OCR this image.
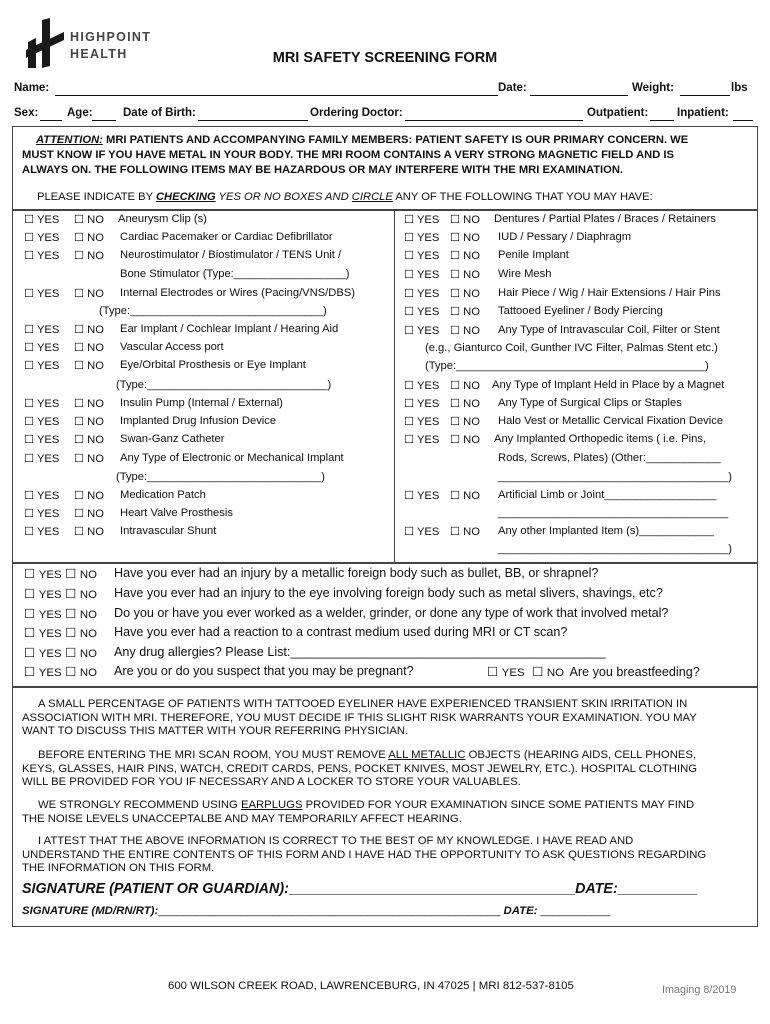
HIGHPOINT
HEALTH	MRI SAFETY SCREENING FORM
Name:	Date:	Weight:	lbs
Sex: Age:	Date of Birth:	Ordering Doctor:	Outpatient: Inpatient:
ATTENTION: MRI PATIENTS AND ACCOMPANYING FAMILY MEMBERS: PATIENT SAFETY IS OUR PRIMARY CONCERN. WE
MUST KNOW IF YOU HAVE METAL IN YOUR BODY. THE MRI ROOM CONTAINS A VERY STRONG MAGNETIC FIELD AND IS
ALWAYS ON. THE FOLLOWING ITEMS MAY BE HAZARDOUS OR MAY INTERFERE WITH THE MRI EXAMINATION.
PLEASE INDICATE BY CHECKING YES OR NO BOXES AND CIRCLE ANY OF THE FOLLOWING THAT YOU MAY HAVE:
☐ YES ☐ NO Aneurysm Clip (s)
☐ YES ☐ NO Cardiac Pacemaker or Cardiac Defibrillator
☐ YES ☐ NO Neurostimulator / Biostimulator / TENS Unit /
Bone Stimulator (Type:__________________)
☐ YES ☐ NO Internal Electrodes or Wires (Pacing/VNS/DBS)
(Type:_______________________________)
☐ YES ☐ NO Ear Implant / Cochlear Implant / Hearing Aid
☐ YES ☐ NO Vascular Access port
☐ YES ☐ NO Eye/Orbital Prosthesis or Eye Implant
(Type:_____________________________)
☐ YES ☐ NO Insulin Pump (Internal / External)
☐ YES ☐ NO Implanted Drug Infusion Device
☐ YES ☐ NO Swan-Ganz Catheter
☐ YES ☐ NO Any Type of Electronic or Mechanical Implant
(Type:____________________________)
☐ YES ☐ NO Medication Patch
☐ YES ☐ NO Heart Valve Prosthesis
☐ YES ☐ NO Intravascular Shunt
☐ YES ☐ NO Dentures / Partial Plates / Braces / Retainers
☐ YES ☐ NO IUD / Pessary / Diaphragm
☐ YES ☐ NO Penile Implant
☐ YES ☐ NO Wire Mesh
☐ YES ☐ NO Hair Piece / Wig / Hair Extensions / Hair Pins
☐ YES ☐ NO Tattooed Eyeliner / Body Piercing
☐ YES ☐ NO Any Type of Intravascular Coil, Filter or Stent
(e.g., Gianturco Coil, Gunther IVC Filter, Palmas Stent etc.)
(Type:________________________________________)
☐ YES ☐ NO Any Type of Implant Held in Place by a Magnet
☐ YES ☐ NO Any Type of Surgical Clips or Staples
☐ YES ☐ NO Halo Vest or Metallic Cervical Fixation Device
☐ YES ☐ NO Any Implanted Orthopedic items ( i.e. Pins,
Rods, Screws, Plates) (Other:____________
_____________________________________)
☐ YES ☐ NO Artificial Limb or Joint__________________
_____________________________________
☐ YES ☐ NO Any other Implanted Item (s)____________
_____________________________________)
☐ YES ☐ NO Have you ever had an injury by a metallic foreign body such as bullet, BB, or shrapnel?
☐ YES ☐ NO Have you ever had an injury to the eye involving foreign body such as metal slivers, shavings, etc?
☐ YES ☐ NO Do you or have you ever worked as a welder, grinder, or done any type of work that involved metal?
☐ YES ☐ NO Have you ever had a reaction to a contrast medium used during MRI or CT scan?
☐ YES ☐ NO Any drug allergies? Please List:_____________________________________________
☐ YES ☐ NO Are you or do you suspect that you may be pregnant?	☐ YES ☐ NO Are you breastfeeding?
A SMALL PERCENTAGE OF PATIENTS WITH TATTOOED EYELINER HAVE EXPERIENCED TRANSIENT SKIN IRRITATION IN
ASSOCIATION WITH MRI. THEREFORE, YOU MUST DECIDE IF THIS SLIGHT RISK WARRANTS YOUR EXAMINATION. YOU MAY
WANT TO DISCUSS THIS MATTER WITH YOUR REFERRING PHYSICIAN.
BEFORE ENTERING THE MRI SCAN ROOM, YOU MUST REMOVE ALL METALLIC OBJECTS (HEARING AIDS, CELL PHONES,
KEYS, GLASSES, HAIR PINS, WATCH, CREDIT CARDS, PENS, POCKET KNIVES, MOST JEWELRY, ETC.). HOSPITAL CLOTHING
WILL BE PROVIDED FOR YOU IF NECESSARY AND A LOCKER TO STORE YOUR VALUABLES.
WE STRONGLY RECOMMEND USING EARPLUGS PROVIDED FOR YOUR EXAMINATION SINCE SOME PATIENTS MAY FIND
THE NOISE LEVELS UNACCEPTALBE AND MAY TEMPORARILY AFFECT HEARING.
I ATTEST THAT THE ABOVE INFORMATION IS CORRECT TO THE BEST OF MY KNOWLEDGE. I HAVE READ AND
UNDERSTAND THE ENTIRE CONTENTS OF THIS FORM AND I HAVE HAD THE OPPORTUNITY TO ASK QUESTIONS REGARDING
THE INFORMATION ON THIS FORM.
SIGNATURE (PATIENT OR GUARDIAN):____________________________________DATE:__________
SIGNATURE (MD/RN/RT):______________________________________________________ DATE: ___________
600 WILSON CREEK ROAD, LAWRENCEBURG, IN 47025 | MRI 812-537-8105	Imaging 8/2019
